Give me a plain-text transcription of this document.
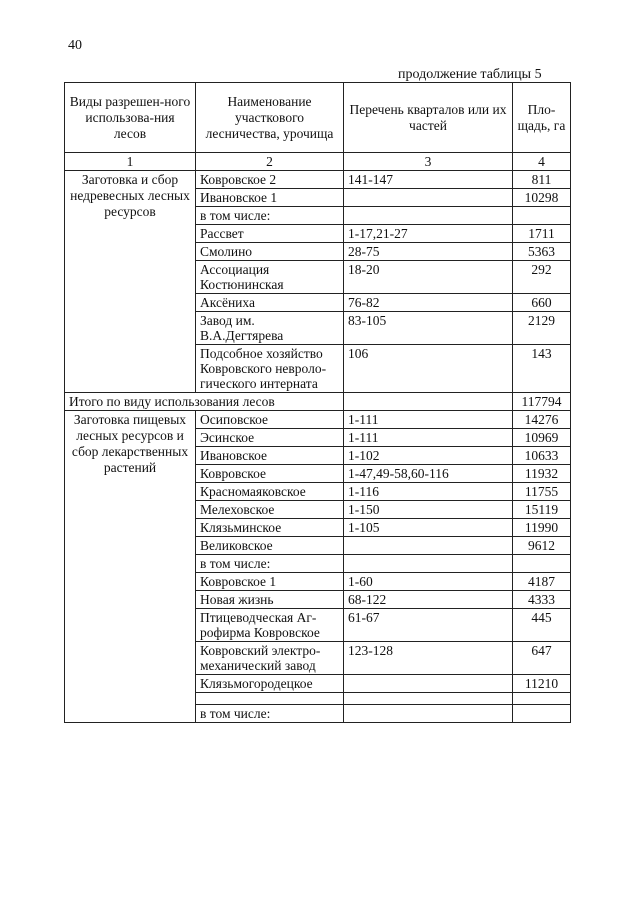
40
продолжение таблицы 5
Виды разрешен-ного использова-ния лесов	Наименование участкового лесничества, урочища	Перечень кварталов или их частей	Пло-щадь, га
1	2	3	4
Заготовка и сбор недревесных лесных ресурсов	Ковровское 2	141-147	811
	Ивановское 1		10298
	в том числе:		
	Рассвет	1-17,21-27	1711
	Смолино	28-75	5363
	Ассоциация Костюнинская	18-20	292
	Аксёниха	76-82	660
	Завод им. В.А.Дегтярева	83-105	2129
	Подсобное хозяйство Ковровского невроло-гического интерната	106	143
Итого по виду использования лесов			117794
Заготовка пищевых лесных ресурсов и сбор лекарственных растений	Осиповское	1-111	14276
	Эсинское	1-111	10969
	Ивановское	1-102	10633
	Ковровское	1-47,49-58,60-116	11932
	Красномаяковское	1-116	11755
	Мелеховское	1-150	15119
	Клязьминское	1-105	11990
	Великовское		9612
	в том числе:		
	Ковровское 1	1-60	4187
	Новая жизнь	68-122	4333
	Птицеводческая Аг-рофирма Ковровское	61-67	445
	Ковровский электро-механический завод	123-128	647
	Клязьмогородецкое		11210

	в том числе:		
